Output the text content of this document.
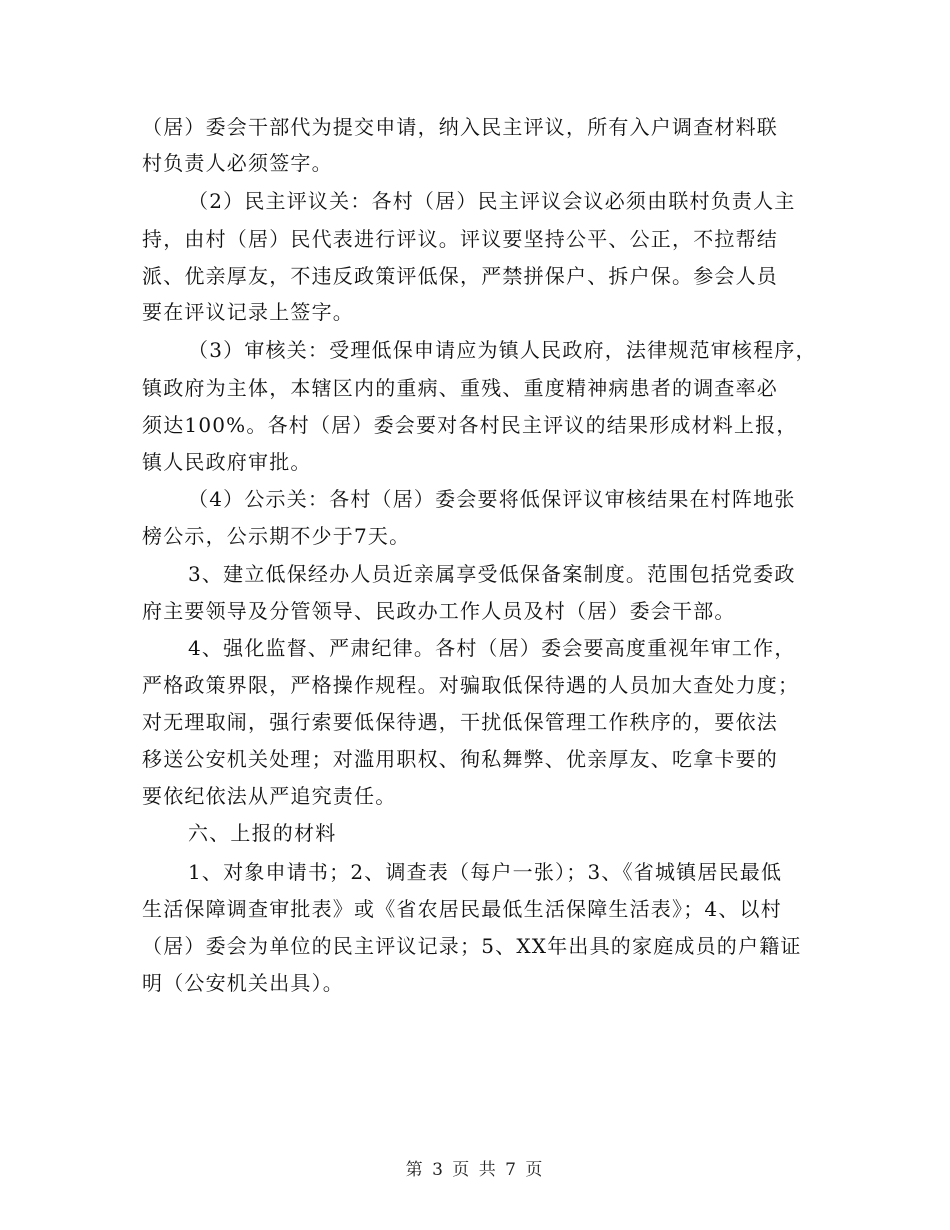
（居）委会干部代为提交申请，纳入民主评议，所有入户调查材料联
村负责人必须签字。
（2）民主评议关：各村（居）民主评议会议必须由联村负责人主
持，由村（居）民代表进行评议。评议要坚持公平、公正，不拉帮结
派、优亲厚友，不违反政策评低保，严禁拼保户、拆户保。参会人员
要在评议记录上签字。
（3）审核关：受理低保申请应为镇人民政府，法律规范审核程序，
镇政府为主体，本辖区内的重病、重残、重度精神病患者的调查率必
须达100%。各村（居）委会要对各村民主评议的结果形成材料上报，
镇人民政府审批。
（4）公示关：各村（居）委会要将低保评议审核结果在村阵地张
榜公示，公示期不少于7天。
3、建立低保经办人员近亲属享受低保备案制度。范围包括党委政
府主要领导及分管领导、民政办工作人员及村（居）委会干部。
4、强化监督、严肃纪律。各村（居）委会要高度重视年审工作，
严格政策界限，严格操作规程。对骗取低保待遇的人员加大查处力度；
对无理取闹，强行索要低保待遇，干扰低保管理工作秩序的，要依法
移送公安机关处理；对滥用职权、徇私舞弊、优亲厚友、吃拿卡要的
要依纪依法从严追究责任。
六、上报的材料
1、对象申请书；2、调查表（每户一张）；3、《省城镇居民最低
生活保障调查审批表》或《省农居民最低生活保障生活表》；4、以村
（居）委会为单位的民主评议记录；5、XX年出具的家庭成员的户籍证
明（公安机关出具）。
第 3 页 共 7 页
